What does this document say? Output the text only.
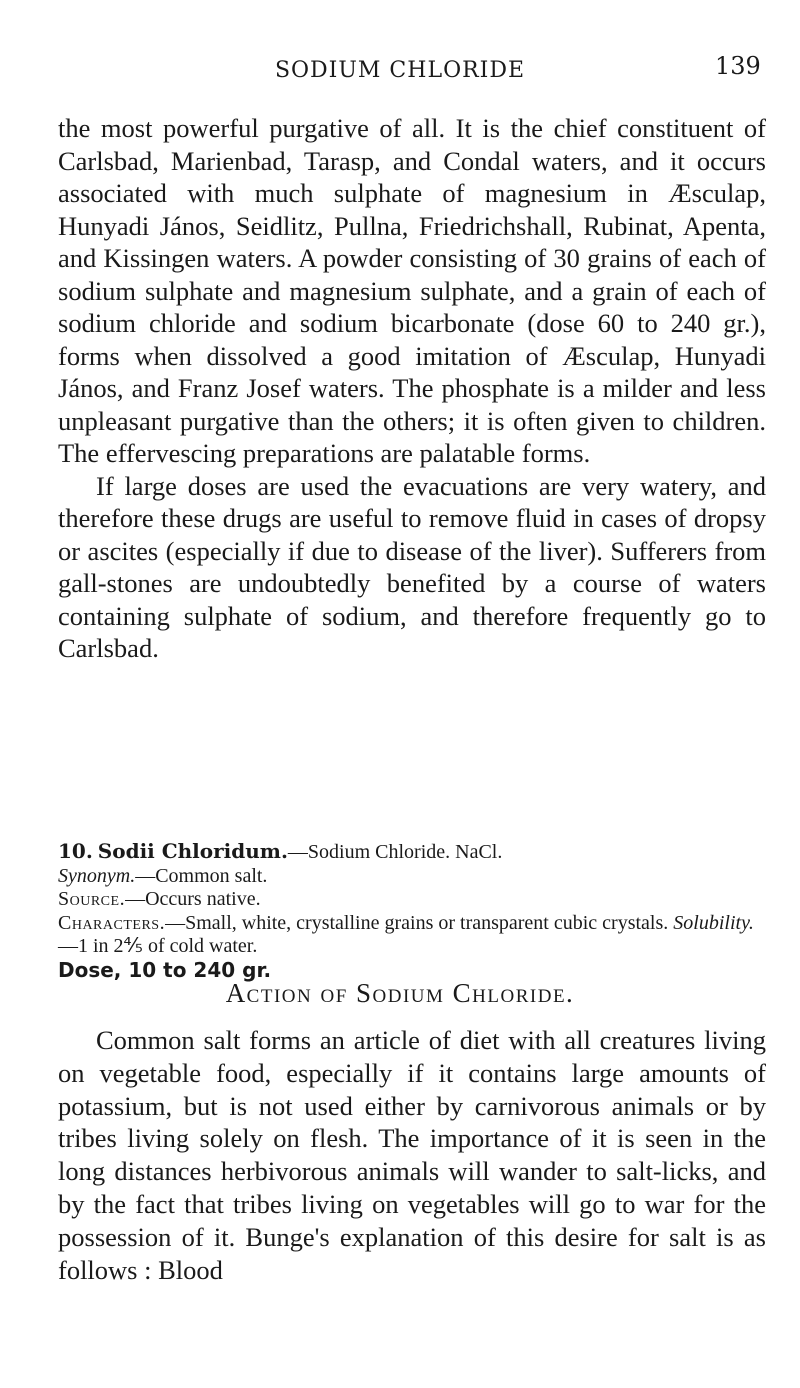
SODIUM CHLORIDE	139

the most powerful purgative of all. It is the chief constituent of Carlsbad, Marienbad, Tarasp, and Condal waters, and it occurs associated with much sulphate of magnesium in Æsculap, Hunyadi János, Seidlitz, Pullna, Friedrichshall, Rubinat, Apenta, and Kissingen waters. A powder consisting of 30 grains of each of sodium sulphate and magnesium sulphate, and a grain of each of sodium chloride and sodium bicarbonate (dose 60 to 240 gr.), forms when dissolved a good imitation of Æsculap, Hunyadi János, and Franz Josef waters. The phosphate is a milder and less unpleasant purgative than the others; it is often given to children. The effervescing preparations are palatable forms.

If large doses are used the evacuations are very watery, and therefore these drugs are useful to remove fluid in cases of dropsy or ascites (especially if due to disease of the liver). Sufferers from gall-stones are undoubtedly benefited by a course of waters containing sulphate of sodium, and therefore frequently go to Carlsbad.

10. Sodii Chloridum.—Sodium Chloride. NaCl.

Synonym.—Common salt.

Source.—Occurs native.

Characters.—Small, white, crystalline grains or transparent cubic crystals. Solubility.—1 in 2⅘ of cold water.

Dose, 10 to 240 gr.

Action of Sodium Chloride.

Common salt forms an article of diet with all creatures living on vegetable food, especially if it contains large amounts of potassium, but is not used either by carnivorous animals or by tribes living solely on flesh. The importance of it is seen in the long distances herbivorous animals will wander to salt-licks, and by the fact that tribes living on vegetables will go to war for the possession of it. Bunge's explanation of this desire for salt is as follows : Blood
